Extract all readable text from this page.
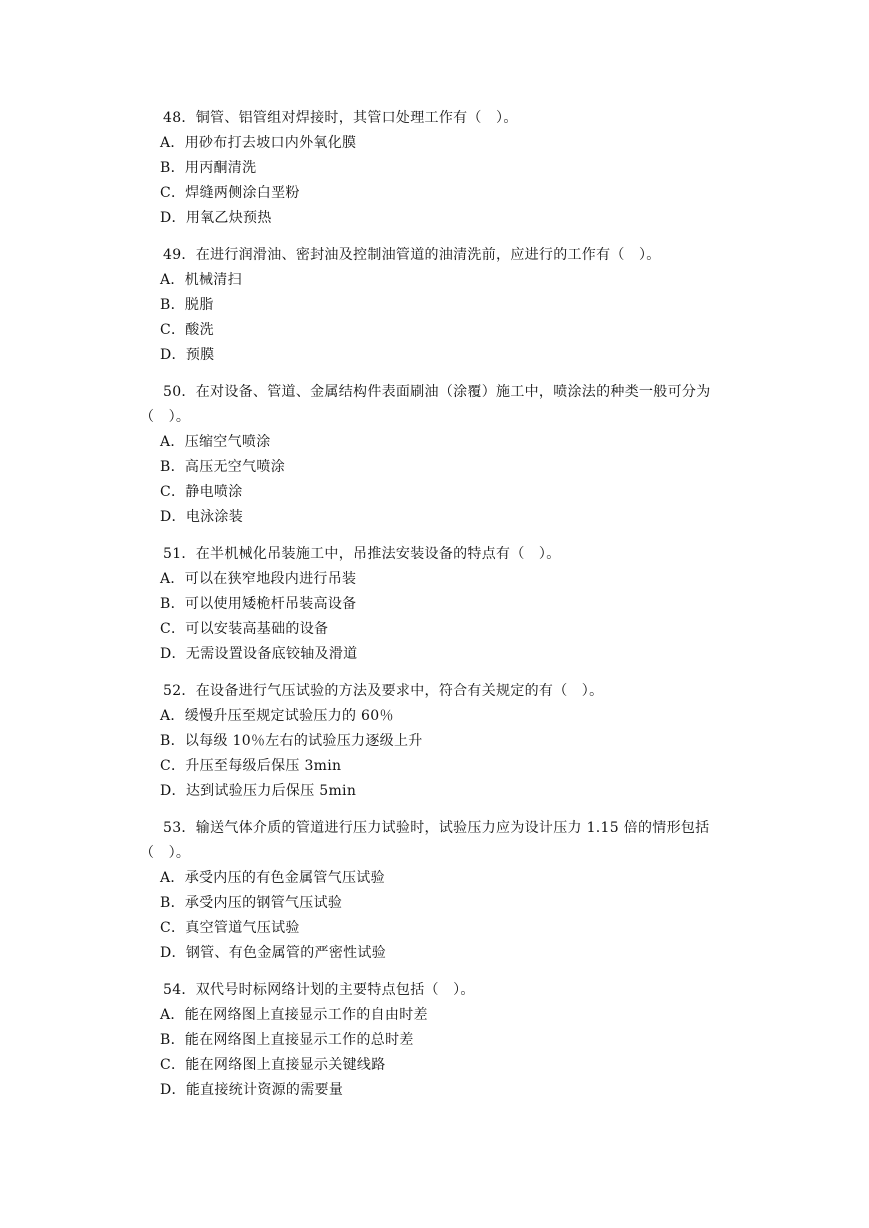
48．铜管、铝管组对焊接时，其管口处理工作有（　）。

A．用砂布打去坡口内外氧化膜

B．用丙酮清洗

C．焊缝两侧涂白垩粉

D．用氧乙炔预热

49．在进行润滑油、密封油及控制油管道的油清洗前，应进行的工作有（　）。

A．机械清扫

B．脱脂

C．酸洗

D．预膜

50．在对设备、管道、金属结构件表面刷油（涂覆）施工中，喷涂法的种类一般可分为（　）。

A．压缩空气喷涂

B．高压无空气喷涂

C．静电喷涂

D．电泳涂装

51．在半机械化吊装施工中，吊推法安装设备的特点有（　）。

A．可以在狭窄地段内进行吊装

B．可以使用矮桅杆吊装高设备

C．可以安装高基础的设备

D．无需设置设备底铰轴及滑道

52．在设备进行气压试验的方法及要求中，符合有关规定的有（　）。

A．缓慢升压至规定试验压力的 60％

B．以每级 10％左右的试验压力逐级上升

C．升压至每级后保压 3min

D．达到试验压力后保压 5min

53．输送气体介质的管道进行压力试验时，试验压力应为设计压力 1.15 倍的情形包括（　）。

A．承受内压的有色金属管气压试验

B．承受内压的钢管气压试验

C．真空管道气压试验

D．钢管、有色金属管的严密性试验

54．双代号时标网络计划的主要特点包括（　）。

A．能在网络图上直接显示工作的自由时差

B．能在网络图上直接显示工作的总时差

C．能在网络图上直接显示关键线路

D．能直接统计资源的需要量
